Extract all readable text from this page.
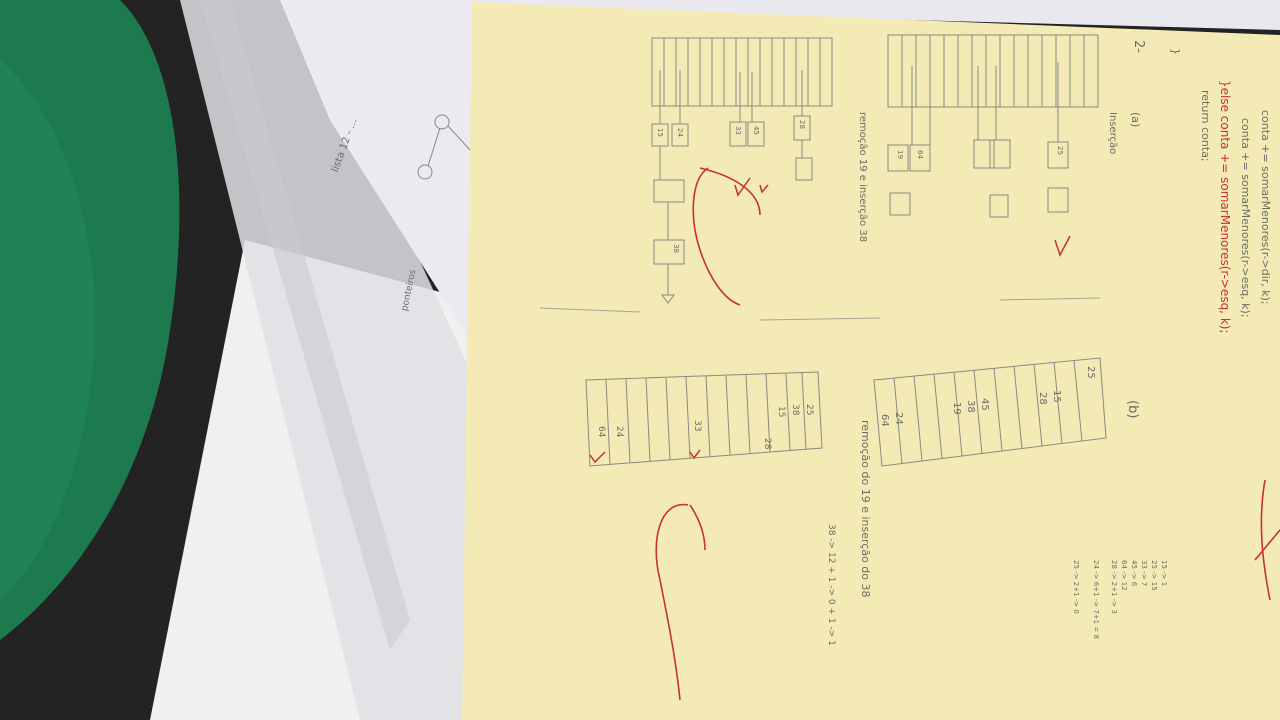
conta += somarMenores(r->dir, k);
conta += somarMenores(r->esq, k);
}else conta += somarMenores(r->esq, k);
return conta;
}
2-
(a)
Inserção
remoção 19 e inserção 38
15 24	33 45
28
38
19 64	25
(b)
25
15
28
45
38
19
24
64
25
38
15
28
33
24
64	remoção do 19 e inserção do 38
38 -> 12 + 1 -> 0 + 1 -> 1	15 -> 1
25 -> 15
33 -> 7
45 -> 6
64 -> 12
28 -> 2+1 -> 3
24 -> 6+1 -> 7+1 = 8
25 -> 2+1 -> 0
lista 12 - ...
ponteiros
